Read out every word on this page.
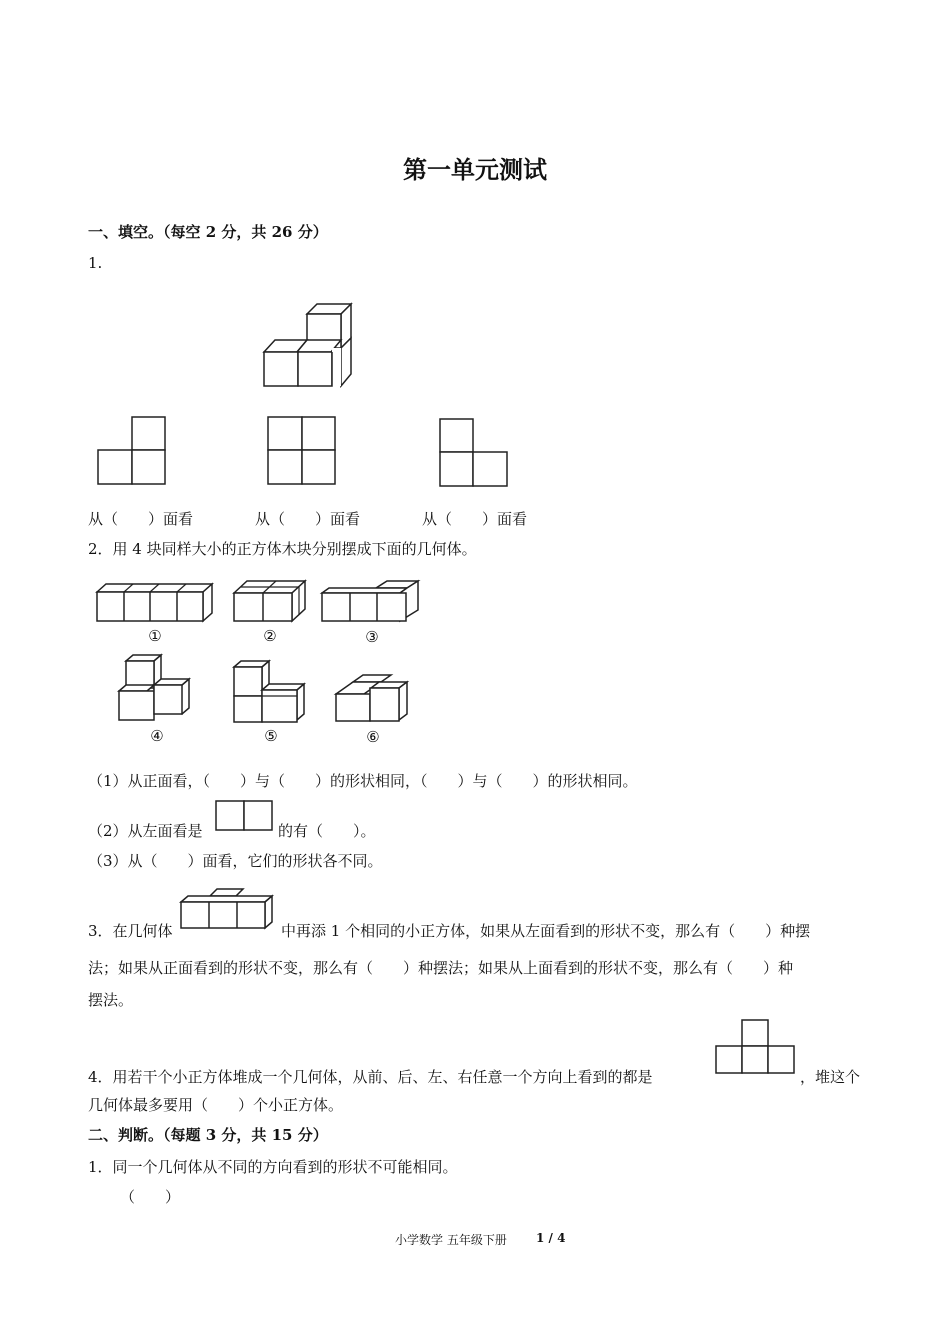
第一单元测试
一、填空。（每空 2 分，共 26 分）
1.
从（　　）面看	从（　　）面看	从（　　）面看
2．用 4 块同样大小的正方体木块分别摆成下面的几何体。
①	②	③
④	⑤	⑥
（1）从正面看，（　　）与（　　）的形状相同，（　　）与（　　）的形状相同。
（2）从左面看是	的有（　　）。
（3）从（　　）面看，它们的形状各不同。
3．在几何体	中再添 1 个相同的小正方体，如果从左面看到的形状不变，那么有（　　）种摆
法；如果从正面看到的形状不变，那么有（　　）种摆法；如果从上面看到的形状不变，那么有（　　）种
摆法。
4．用若干个小正方体堆成一个几何体，从前、后、左、右任意一个方向上看到的都是	，堆这个
几何体最多要用（　　）个小正方体。
二、判断。（每题 3 分，共 15 分）
1．同一个几何体从不同的方向看到的形状不可能相同。
（　　）
小学数学 五年级下册 1 / 4
